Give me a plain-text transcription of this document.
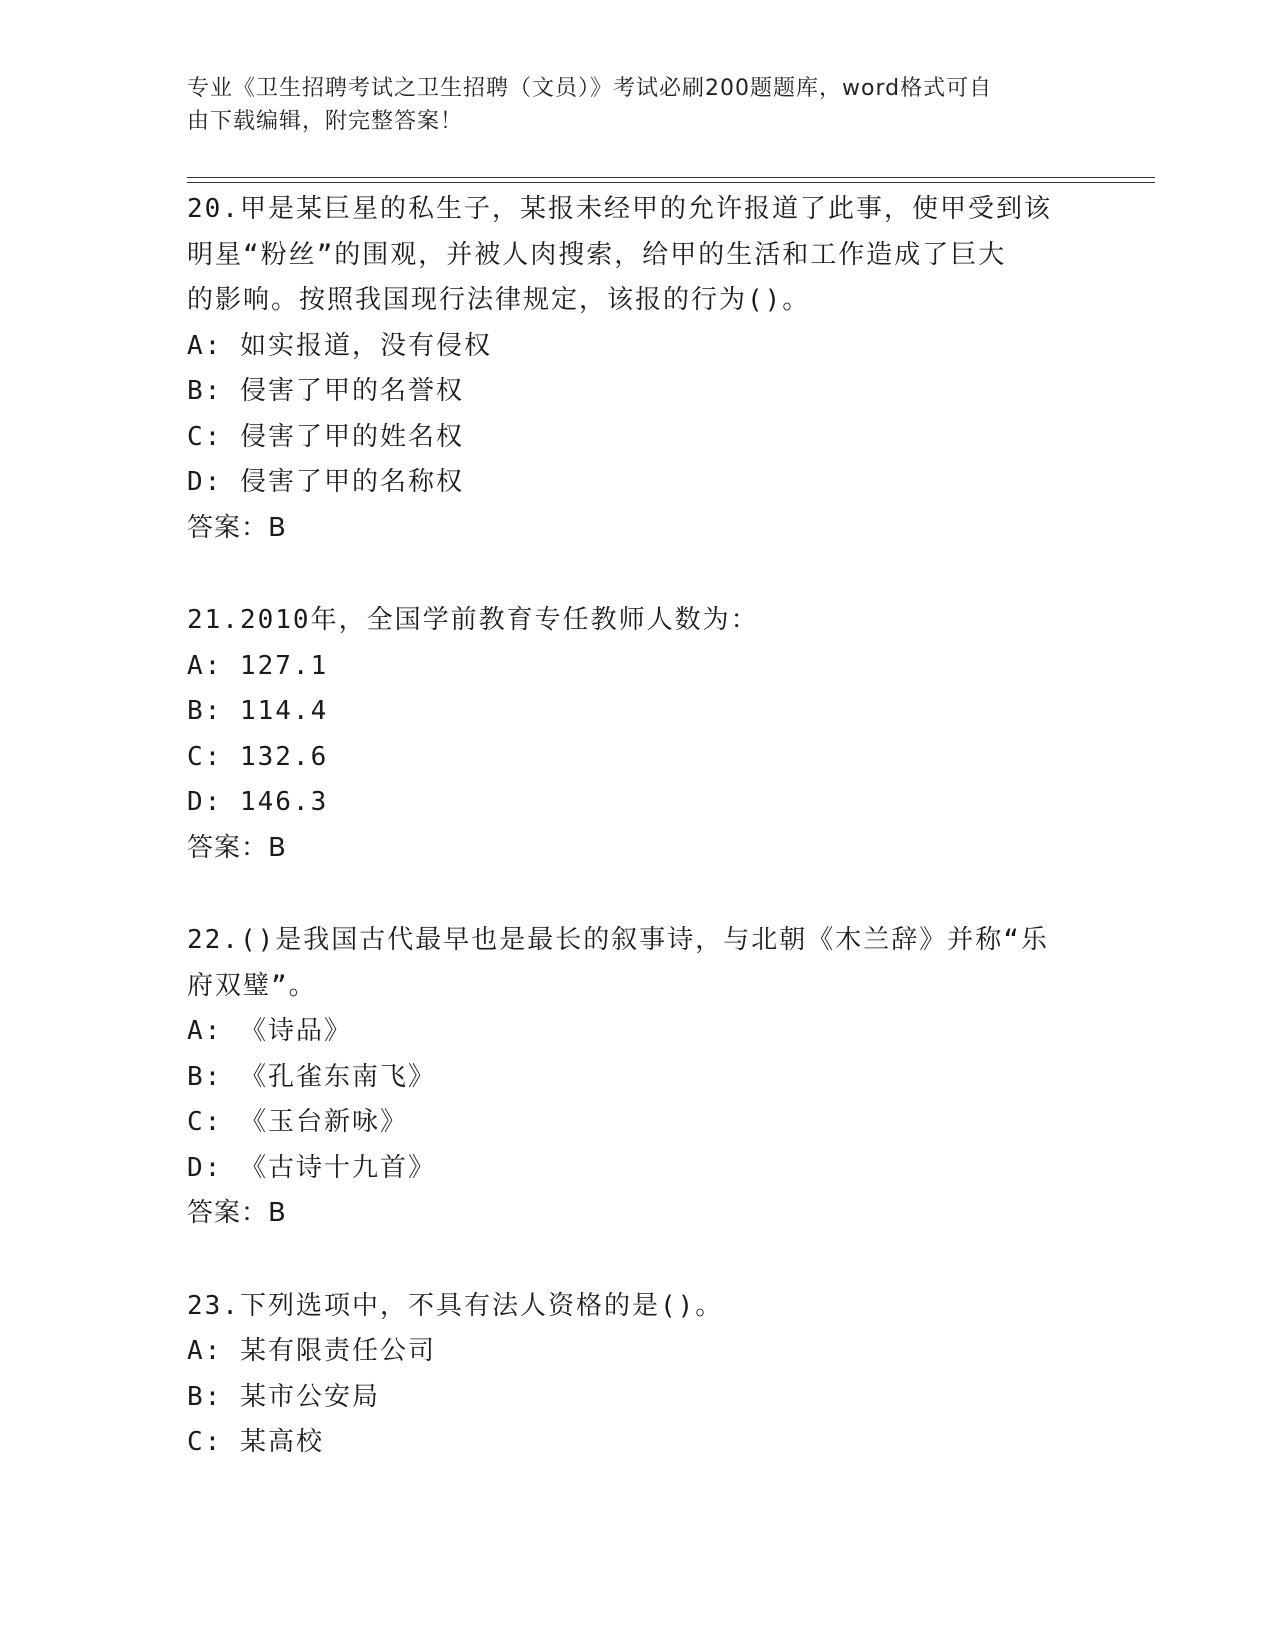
专业《卫生招聘考试之卫生招聘（文员）》考试必刷200题题库，word格式可自
由下载编辑，附完整答案！
20.甲是某巨星的私生子，某报未经甲的允许报道了此事，使甲受到该
明星“粉丝”的围观，并被人肉搜索，给甲的生活和工作造成了巨大
的影响。按照我国现行法律规定，该报的行为()。
A: 如实报道，没有侵权
B: 侵害了甲的名誉权
C: 侵害了甲的姓名权
D: 侵害了甲的名称权
答案：B
21.2010年，全国学前教育专任教师人数为：
A: 127.1
B: 114.4
C: 132.6
D: 146.3
答案：B
22.()是我国古代最早也是最长的叙事诗，与北朝《木兰辞》并称“乐
府双璧”。
A: 《诗品》
B: 《孔雀东南飞》
C: 《玉台新咏》
D: 《古诗十九首》
答案：B
23.下列选项中，不具有法人资格的是()。
A: 某有限责任公司
B: 某市公安局
C: 某高校
